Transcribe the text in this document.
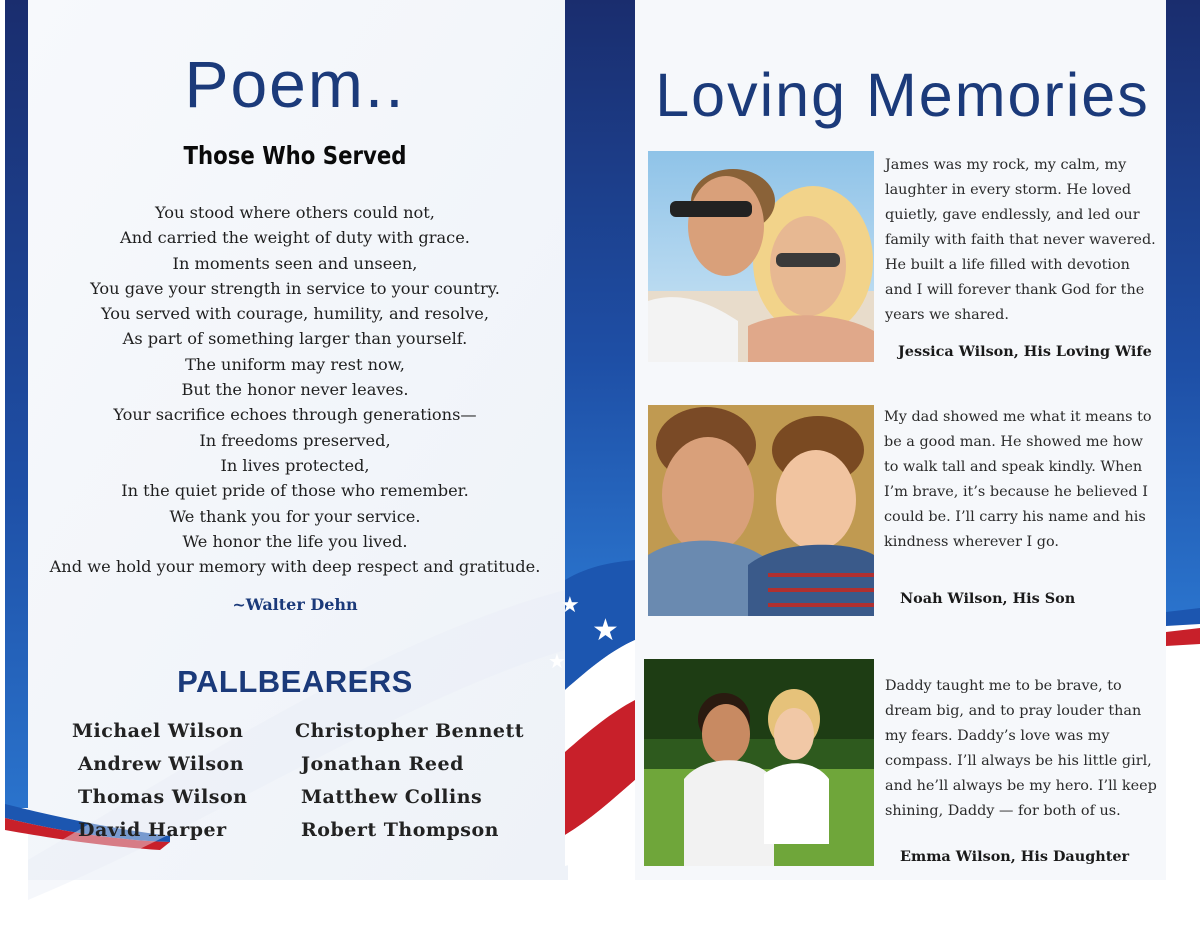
★
★
★
Poem..
Those Who Served
You stood where others could not,
And carried the weight of duty with grace.
In moments seen and unseen,
You gave your strength in service to your country.
You served with courage, humility, and resolve,
As part of something larger than yourself.
The uniform may rest now,
But the honor never leaves.
Your sacrifice echoes through generations—
In freedoms preserved,
In lives protected,
In the quiet pride of those who remember.
We thank you for your service.
We honor the life you lived.
And we hold your memory with deep respect and gratitude.
~Walter Dehn
PALLBEARERS
Michael Wilson
Andrew Wilson
Thomas Wilson
David Harper
Christopher Bennett
Jonathan Reed
Matthew Collins
Robert Thompson
Loving Memories
James was my rock, my calm, my laughter in every storm. He loved quietly, gave endlessly, and led our family with faith that never wavered. He built a life filled with devotion and I will forever thank God for the years we shared.
Jessica Wilson, His Loving Wife
My dad showed me what it means to be a good man. He showed me how to walk tall and speak kindly. When I’m brave, it’s because he believed I could be. I’ll carry his name and his kindness wherever I go.
Noah Wilson, His Son
Daddy taught me to be brave, to dream big, and to pray louder than my fears. Daddy’s love was my compass. I’ll always be his little girl, and he’ll always be my hero. I’ll keep shining, Daddy — for both of us.
Emma Wilson, His Daughter
